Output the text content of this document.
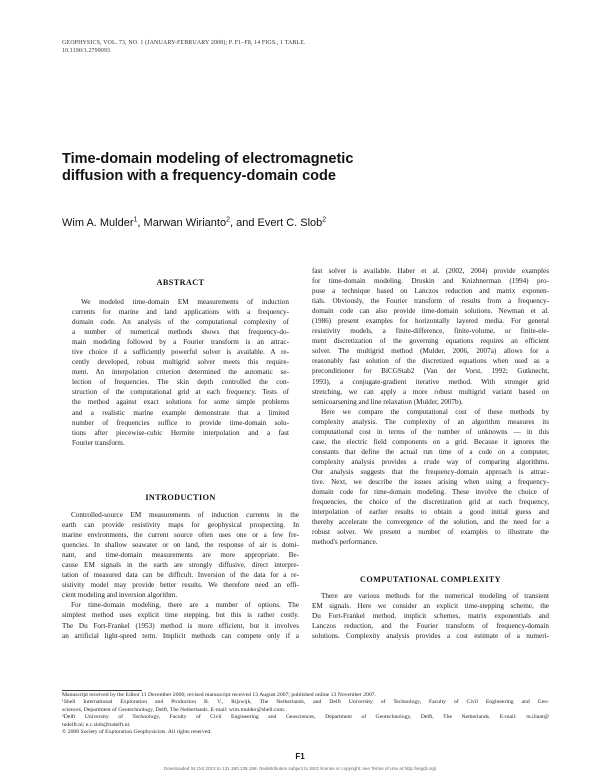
GEOPHYSICS, VOL. 73, NO. 1 (JANUARY-FEBRUARY 2008); P. F1–F8, 14 FIGS., 1 TABLE.
10.1190/1.2799093
Time-domain modeling of electromagnetic
diffusion with a frequency-domain code
Wim A. Mulder$^1$, Marwan Wirianto$^2$, and Evert C. Slob$^2$
ABSTRACT
We modeled time-domain EM measurements of induction
currents for marine and land applications with a frequency-
domain code. An analysis of the computational complexity of
a number of numerical methods shows that frequency-do-
main modeling followed by a Fourier transform is an attrac-
tive choice if a sufficiently powerful solver is available. A re-
cently developed, robust multigrid solver meets this require-
ment. An interpolation criterion determined the automatic se-
lection of frequencies. The skin depth controlled the con-
struction of the computational grid at each frequency. Tests of
the method against exact solutions for some simple problems
and a realistic marine example demonstrate that a limited
number of frequencies suffice to provide time-domain solu-
tions after piecewise-cubic Hermite interpolation and a fast
Fourier transform.
INTRODUCTION
Controlled-source EM measurements of induction currents in the
earth can provide resistivity maps for geophysical prospecting. In
marine environments, the current source often uses one or a few fre-
quencies. In shallow seawater or on land, the response of air is domi-
nant, and time-domain measurements are more appropriate. Be-
cause EM signals in the earth are strongly diffusive, direct interpre-
tation of measured data can be difficult. Inversion of the data for a re-
sistivity model may provide better results. We therefore need an effi-
cient modeling and inversion algorithm.
For time-domain modeling, there are a number of options. The
simplest method uses explicit time stepping, but this is rather costly.
The Du Fort-Frankel (1953) method is more efficient, but it involves
an artificial light-speed term. Implicit methods can compete only if a
fast solver is available. Haber et al. (2002, 2004) provide examples
for time-domain modeling. Druskin and Knizhnerman (1994) pro-
pose a technique based on Lanczos reduction and matrix exponen-
tials. Obviously, the Fourier transform of results from a frequency-
domain code can also provide time-domain solutions. Newman et al.
(1986) present examples for horizontally layered media. For general
resistivity models, a finite-difference, finite-volume, or finite-ele-
ment discretization of the governing equations requires an efficient
solver. The multigrid method (Mulder, 2006, 2007a) allows for a
reasonably fast solution of the discretized equations when used as a
preconditioner for BiCGStab2 (Van der Vorst, 1992; Gutknecht,
1993), a conjugate-gradient iterative method. With stronger grid
stretching, we can apply a more robust multigrid variant based on
semicoarsening and line relaxation (Mulder, 2007b).
Here we compare the computational cost of these methods by
complexity analysis. The complexity of an algorithm measures its
computational cost in terms of the number of unknowns — in this
case, the electric field components on a grid. Because it ignores the
constants that define the actual run time of a code on a computer,
complexity analysis provides a crude way of comparing algorithms.
Our analysis suggests that the frequency-domain approach is attrac-
tive. Next, we describe the issues arising when using a frequency-
domain code for time-domain modeling. These involve the choice of
frequencies, the choice of the discretization grid at each frequency,
interpolation of earlier results to obtain a good initial guess and
thereby accelerate the convergence of the solution, and the need for a
robust solver. We present a number of examples to illustrate the
method's performance.
COMPUTATIONAL COMPLEXITY
There are various methods for the numerical modeling of transient
EM signals. Here we consider an explicit time-stepping scheme, the
Du Fort-Frankel method, implicit schemes, matrix exponentials and
Lanczos reduction, and the Fourier transform of frequency-domain
solutions. Complexity analysis provides a cost estimate of a numeri-
Manuscript received by the Editor 11 December 2006; revised manuscript received 13 August 2007; published online 13 November 2007.
¹Shell International Exploration and Production B. V., Rijswijk, The Netherlands, and Delft University of Technology, Faculty of Civil Engineering and Geo-
sciences, Department of Geotechnology, Delft, The Netherlands. E-mail: wim.mulder@shell.com.
²Delft University of Technology, Faculty of Civil Engineering and Geosciences, Department of Geotechnology, Delft, The Netherlands. E-mail: m.iliant@
tudelft.nl; e.c.slob@tudelft.nl.
© 2008 Society of Exploration Geophysicists. All rights reserved.
F1
Downloaded 04 Oct 2012 to 131.180.135.198. Redistribution subject to SEG license or copyright; see Terms of Use at http://segdl.org/
